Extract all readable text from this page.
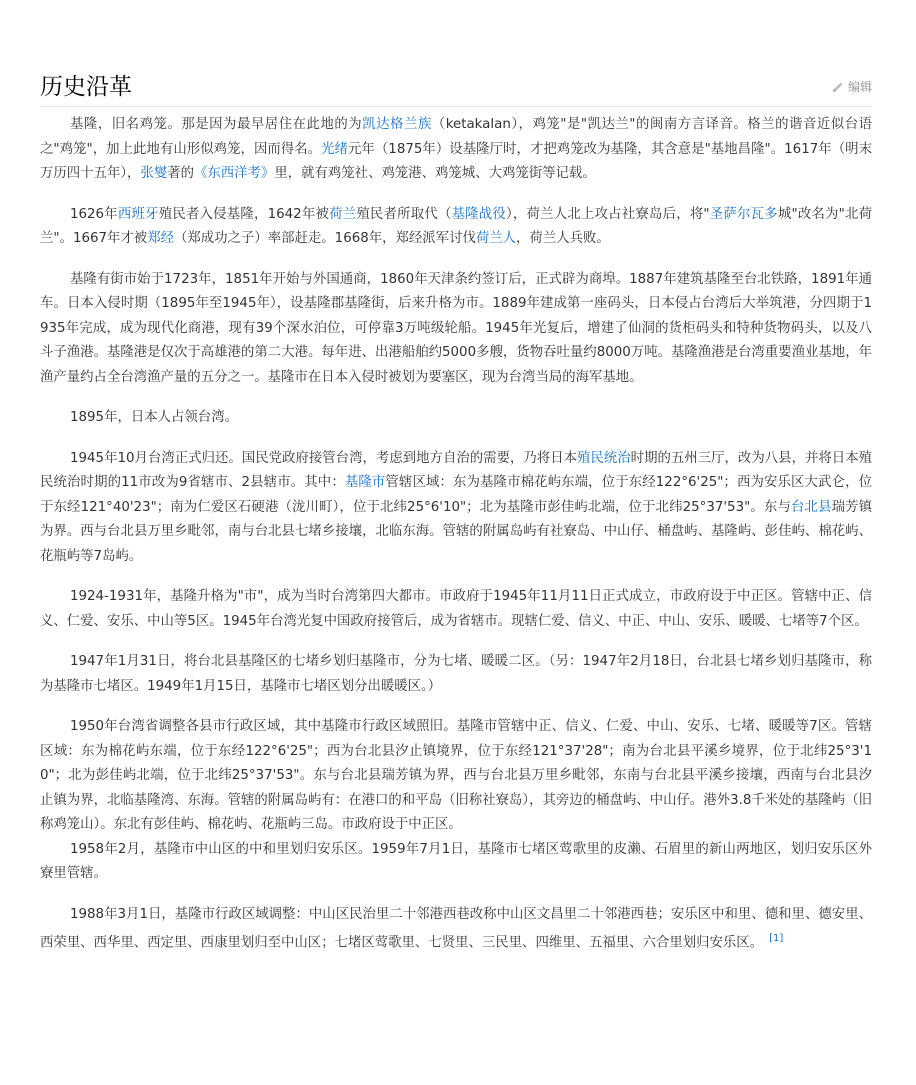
历史沿革	编辑

基隆，旧名鸡笼。那是因为最早居住在此地的为凯达格兰族（ketakalan），鸡笼"是"凯达兰"的闽南方言译音。格兰的谐音近似台语之"鸡笼"，加上此地有山形似鸡笼，因而得名。光绪元年（1875年）设基隆厅时，才把鸡笼改为基隆，其含意是"基地昌隆"。1617年（明末万历四十五年），张燮著的《东西洋考》里，就有鸡笼社、鸡笼港、鸡笼城、大鸡笼街等记载。

1626年西班牙殖民者入侵基隆，1642年被荷兰殖民者所取代（基隆战役），荷兰人北上攻占社寮岛后，将"圣萨尔瓦多城"改名为"北荷兰"。1667年才被郑经（郑成功之子）率部赶走。1668年，郑经派军讨伐荷兰人，荷兰人兵败。

基隆有街市始于1723年，1851年开始与外国通商，1860年天津条约签订后，正式辟为商埠。1887年建筑基隆至台北铁路，1891年通车。日本入侵时期（1895年至1945年），设基隆郡基隆街，后来升格为市。1889年建成第一座码头，日本侵占台湾后大举筑港，分四期于1935年完成，成为现代化商港，现有39个深水泊位，可停靠3万吨级轮船。1945年光复后，增建了仙洞的货柜码头和特种货物码头，以及八斗子渔港。基隆港是仅次于高雄港的第二大港。每年进、出港船舶约5000多艘，货物吞吐量约8000万吨。基隆渔港是台湾重要渔业基地，年渔产量约占全台湾渔产量的五分之一。基隆市在日本入侵时被划为要塞区，现为台湾当局的海军基地。

1895年，日本人占领台湾。

1945年10月台湾正式归还。国民党政府接管台湾，考虑到地方自治的需要，乃将日本殖民统治时期的五州三厅，改为八县，并将日本殖民统治时期的11市改为9省辖市、2县辖市。其中：基隆市管辖区域：东为基隆市棉花屿东端，位于东经122°6'25"；西为安乐区大武仑，位于东经121°40'23"；南为仁爱区石硬港（泷川町），位于北纬25°6'10"；北为基隆市彭佳屿北端，位于北纬25°37'53"。东与台北县瑞芳镇为界。西与台北县万里乡毗邻，南与台北县七堵乡接壤，北临东海。管辖的附属岛屿有社寮岛、中山仔、桶盘屿、基隆屿、彭佳屿、棉花屿、花瓶屿等7岛屿。

1924-1931年，基隆升格为"市"，成为当时台湾第四大都市。市政府于1945年11月11日正式成立，市政府设于中正区。管辖中正、信义、仁爱、安乐、中山等5区。1945年台湾光复中国政府接管后，成为省辖市。现辖仁爱、信义、中正、中山、安乐、暖暖、七堵等7个区。

1947年1月31日，将台北县基隆区的七堵乡划归基隆市，分为七堵、暖暖二区。（另：1947年2月18日，台北县七堵乡划归基隆市，称为基隆市七堵区。1949年1月15日，基隆市七堵区划分出暖暖区。）

1950年台湾省调整各县市行政区域，其中基隆市行政区域照旧。基隆市管辖中正、信义、仁爱、中山、安乐、七堵、暖暖等7区。管辖区域：东为棉花屿东端，位于东经122°6'25"；西为台北县汐止镇境界，位于东经121°37'28"；南为台北县平溪乡境界，位于北纬25°3'10"；北为彭佳屿北端，位于北纬25°37'53"。东与台北县瑞芳镇为界，西与台北县万里乡毗邻，东南与台北县平溪乡接壤，西南与台北县汐止镇为界，北临基隆湾、东海。管辖的附属岛屿有：在港口的和平岛（旧称社寮岛），其旁边的桶盘屿、中山仔。港外3.8千米处的基隆屿（旧称鸡笼山）。东北有彭佳屿、棉花屿、花瓶屿三岛。市政府设于中正区。

1958年2月，基隆市中山区的中和里划归安乐区。1959年7月1日，基隆市七堵区莺歌里的皮濑、石眉里的新山两地区，划归安乐区外寮里管辖。

1988年3月1日，基隆市行政区域调整：中山区民治里二十邻港西巷改称中山区文昌里二十邻港西巷；安乐区中和里、德和里、德安里、西荣里、西华里、西定里、西康里划归至中山区；七堵区莺歌里、七贤里、三民里、四维里、五福里、六合里划归安乐区。 [1]
